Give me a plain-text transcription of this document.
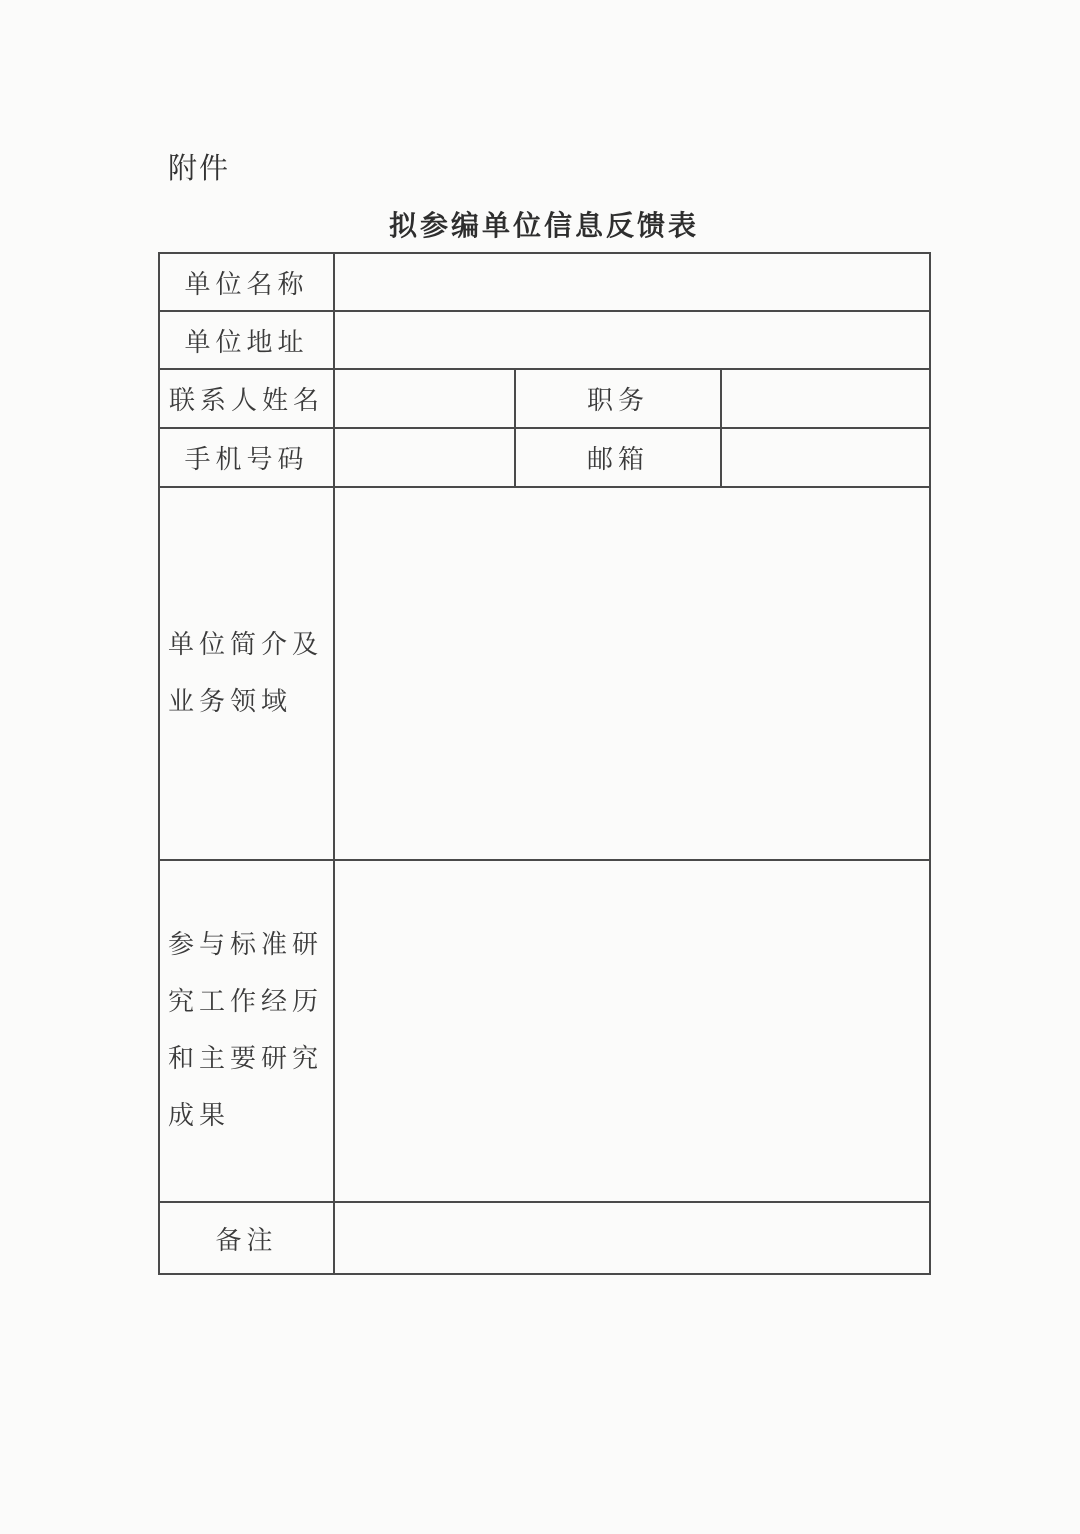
附件
拟参编单位信息反馈表
单位名称			
单位地址			
联系人姓名		职务	
手机号码		邮箱	

单位简介及
业务领域			

参与标准研
究工作经历
和主要研究
成果			

备注			
